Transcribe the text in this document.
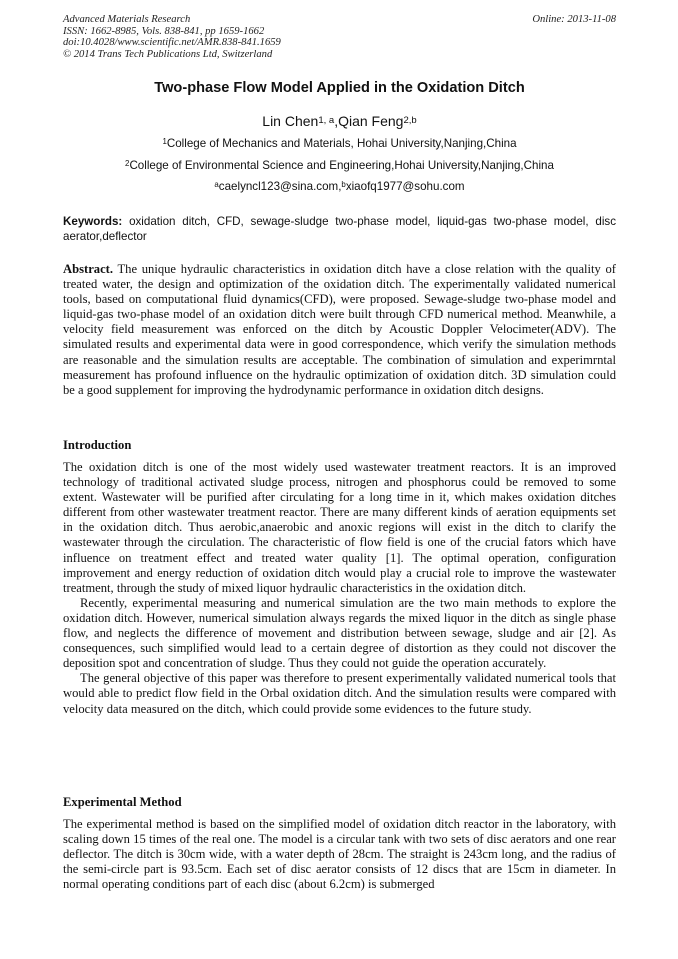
Advanced Materials Research
ISSN: 1662-8985, Vols. 838-841, pp 1659-1662
doi:10.4028/www.scientific.net/AMR.838-841.1659
© 2014 Trans Tech Publications Ltd, Switzerland
Online: 2013-11-08
Two-phase Flow Model Applied in the Oxidation Ditch
Lin Chen$^{1, a}$,Qian Feng$^{2,b}$
$^1$College of Mechanics and Materials, Hohai University,Nanjing,China
$^2$College of Environmental Science and Engineering,Hohai University,Nanjing,China
$^a$caelyncl123@sina.com,$^b$xiaofq1977@sohu.com
Keywords: oxidation ditch, CFD, sewage-sludge two-phase model, liquid-gas two-phase model, disc aerator,deflector

Abstract. The unique hydraulic characteristics in oxidation ditch have a close relation with the quality of treated water, the design and optimization of the oxidation ditch. The experimentally validated numerical tools, based on computational fluid dynamics(CFD), were proposed. Sewage-sludge two-phase model and liquid-gas two-phase model of an oxidation ditch were built through CFD numerical method. Meanwhile, a velocity field measurement was enforced on the ditch by Acoustic Doppler Velocimeter(ADV). The simulated results and experimental data were in good correspondence, which verify the simulation methods are reasonable and the simulation results are acceptable. The combination of simulation and experimrntal measurement has profound influence on the hydraulic optimization of oxidation ditch. 3D simulation could be a good supplement for improving the hydrodynamic performance in oxidation ditch designs.

Introduction

The oxidation ditch is one of the most widely used wastewater treatment reactors. It is an improved technology of traditional activated sludge process, nitrogen and phosphorus could be removed to some extent. Wastewater will be purified after circulating for a long time in it, which makes oxidation ditches different from other wastewater treatment reactor. There are many different kinds of aeration equipments set in the oxidation ditch. Thus aerobic,anaerobic and anoxic regions will exist in the ditch to clarify the wastewater through the circulation. The characteristic of flow field is one of the crucial fators which have influence on treatment effect and treated water quality [1]. The optimal operation, configuration improvement and energy reduction of oxidation ditch would play a crucial role to improve the wastewater treatment, through the study of mixed liquor hydraulic characteristics in the oxidation ditch.

Recently, experimental measuring and numerical simulation are the two main methods to explore the oxidation ditch. However, numerical simulation always regards the mixed liquor in the ditch as single phase flow, and neglects the difference of movement and distribution between sewage, sludge and air [2]. As consequences, such simplified would lead to a certain degree of distortion as they could not discover the deposition spot and concentration of sludge. Thus they could not guide the operation accurately.

The general objective of this paper was therefore to present experimentally validated numerical tools that would able to predict flow field in the Orbal oxidation ditch. And the simulation results were compared with velocity data measured on the ditch, which could provide some evidences to the future study.

Experimental Method

The experimental method is based on the simplified model of oxidation ditch reactor in the laboratory, with scaling down 15 times of the real one. The model is a circular tank with two sets of disc aerators and one rear deflector. The ditch is 30cm wide, with a water depth of 28cm. The straight is 243cm long, and the radius of the semi-circle part is 93.5cm. Each set of disc aerator consists of 12 discs that are 15cm in diameter. In normal operating conditions part of each disc (about 6.2cm) is submerged
